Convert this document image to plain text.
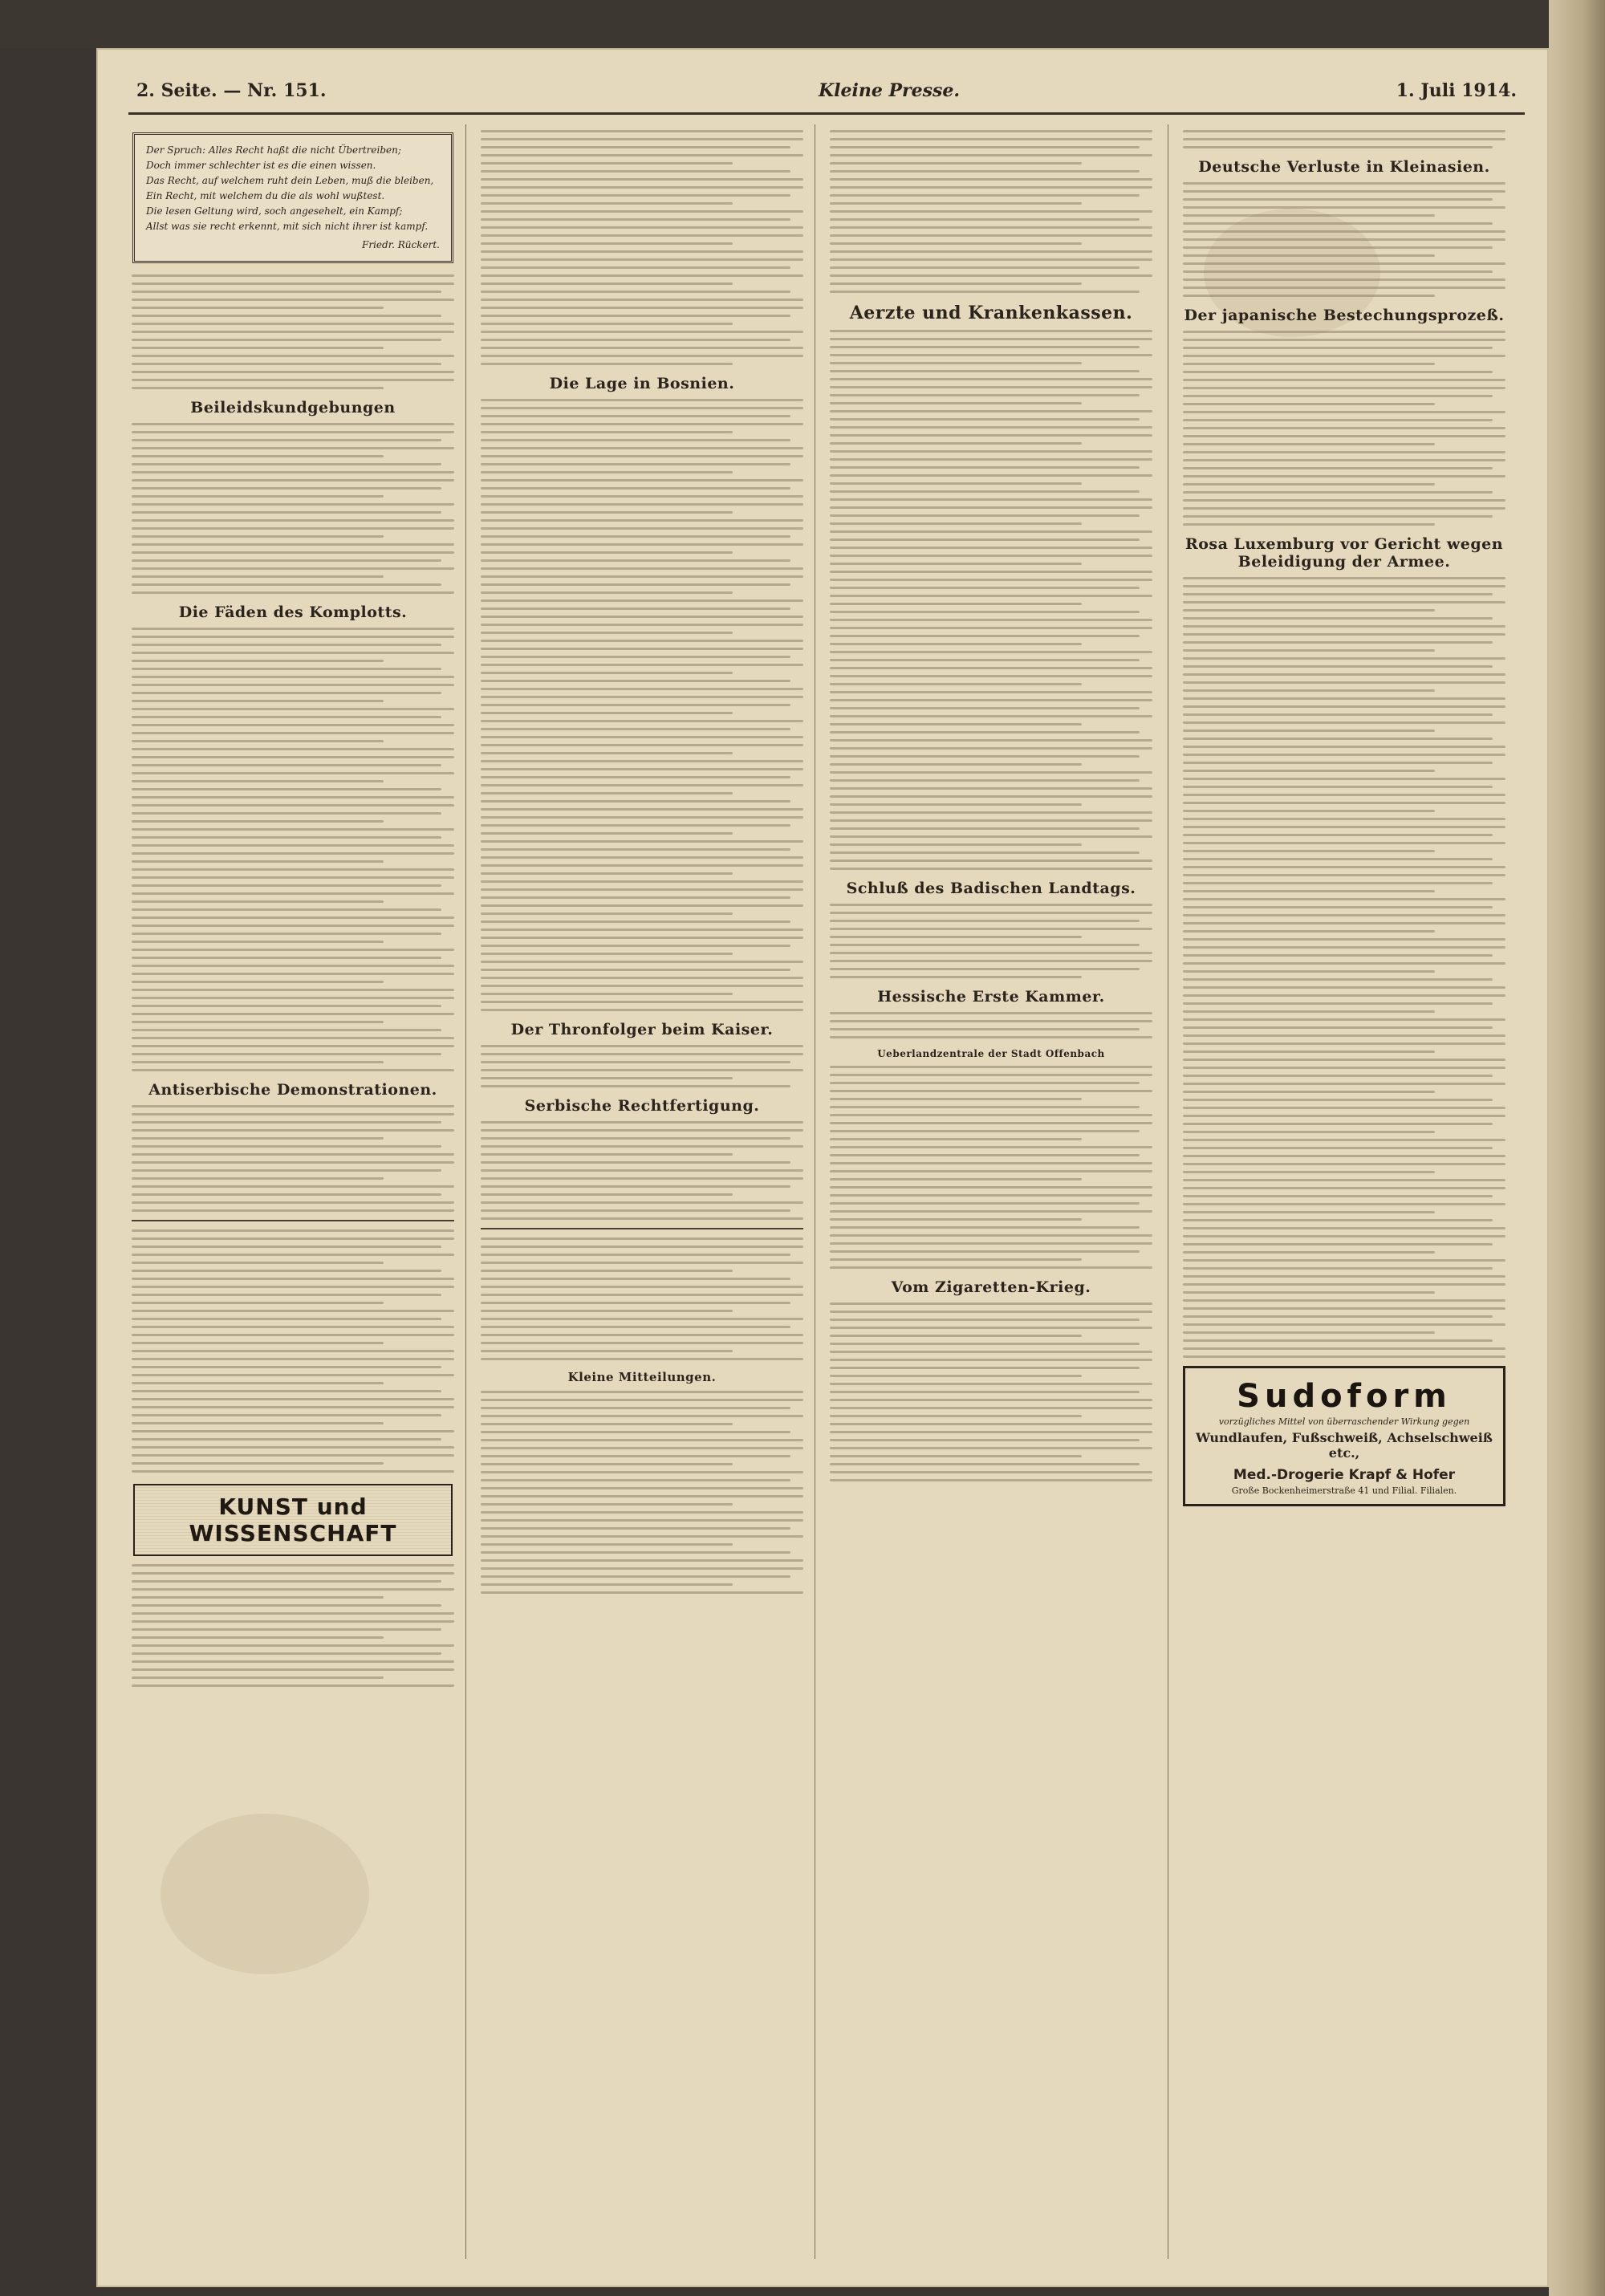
2. Seite. — Nr. 151.	Kleine Presse.	1. Juli 1914.
Der Spruch: Alles Recht haßt die nicht Übertreiben;
Doch immer schlechter ist es die einen wissen.
Das Recht, auf welchem ruht dein Leben, muß die bleiben,
Ein Recht, mit welchem du die als wohl wußtest.
Die lesen Geltung wird, soch angesehelt, ein Kampf;
Allst was sie recht erkennt, mit sich nicht ihrer ist kampf.
Friedr. Rückert.
Beileidskundgebungen
Die Fäden des Komplotts.
Antiserbische Demonstrationen.
KUNST und WISSENSCHAFT
Die Lage in Bosnien.
Der Thronfolger beim Kaiser.
Serbische Rechtfertigung.
Kleine Mitteilungen.
Aerzte und Krankenkassen.
Schluß des Badischen Landtags.
Hessische Erste Kammer.
Ueberlandzentrale der Stadt Offenbach
Vom Zigaretten-Krieg.
Deutsche Verluste in Kleinasien.
Der japanische Bestechungsprozeß.
Rosa Luxemburg vor Gericht wegen Beleidigung der Armee.
Sudoform
vorzügliches Mittel von überraschender Wirkung gegen
Wundlaufen, Fußschweiß, Achselschweiß etc.,
Med.-Drogerie Krapf & Hofer
Große Bockenheimerstraße 41 und Filial. Filialen.
